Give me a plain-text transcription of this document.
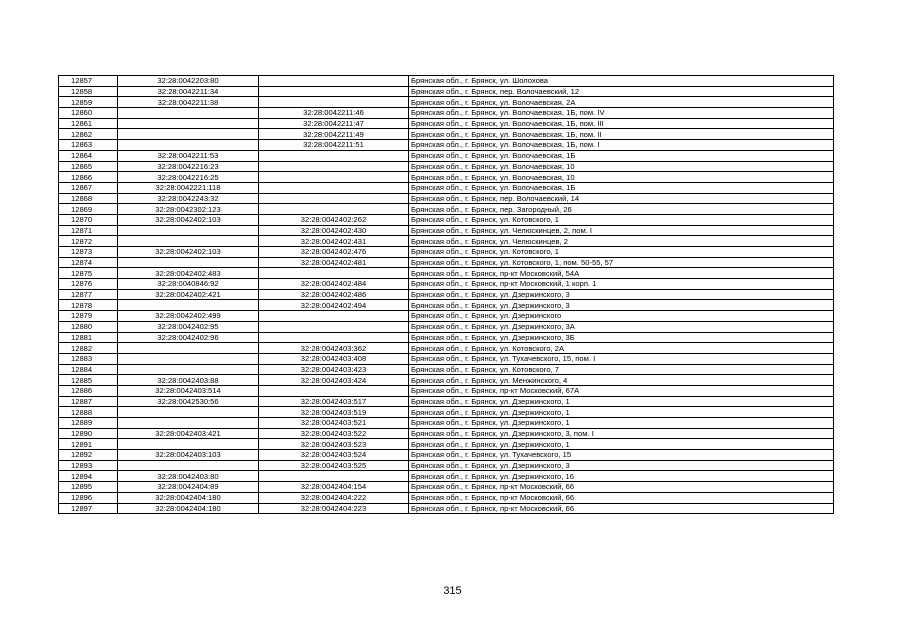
12857	32:28:0042203:80		Брянская обл., г. Брянск, ул. Шолохова
12858	32:28:0042211:34		Брянская обл., г. Брянск, пер. Волочаевский, 12
12859	32:28:0042211:38		Брянская обл., г. Брянск, ул. Волочаевская, 2А
12860		32:28:0042211:46	Брянская обл., г. Брянск, ул. Волочаевская, 1Б, пом. IV
12861		32:28:0042211:47	Брянская обл., г. Брянск, ул. Волочаевская, 1Б, пом. III
12862		32:28:0042211:49	Брянская обл., г. Брянск, ул. Волочаевская, 1Б, пом. II
12863		32:28:0042211:51	Брянская обл., г. Брянск, ул. Волочаевская, 1Б, пом. I
12864	32:28:0042211:53		Брянская обл., г. Брянск, ул. Волочаевская, 1Б
12865	32:28:0042216:23		Брянская обл., г. Брянск, ул. Волочаевская, 10
12866	32:28:0042216:25		Брянская обл., г. Брянск, ул. Волочаевская, 10
12867	32:28:0042221:118		Брянская обл., г. Брянск, ул. Волочаевская, 1Б
12868	32:28:0042243:32		Брянская обл., г. Брянск, пер. Волочаевский, 14
12869	32:28:0042302:123		Брянская обл., г. Брянск, пер. Загородный, 26
12870	32:28:0042402:103	32:28:0042402:262	Брянская обл., г. Брянск, ул. Котовского, 1
12871		32:28:0042402:430	Брянская обл., г. Брянск, ул. Челюскинцев, 2, пом. I
12872		32:28:0042402:431	Брянская обл., г. Брянск, ул. Челюскинцев, 2
12873	32:28:0042402:103	32:28:0042402:476	Брянская обл., г. Брянск, ул. Котовского, 1
12874		32:28:0042402:481	Брянская обл., г. Брянск, ул. Котовского, 1, пом. 50-55, 57
12875	32:28:0042402:483		Брянская обл., г. Брянск, пр-кт Московский, 54А
12876	32:28:0040846:92	32:28:0042402:484	Брянская обл., г. Брянск, пр-кт Московский, 1 корп. 1
12877	32:28:0042402:421	32:28:0042402:486	Брянская обл., г. Брянск, ул. Дзержинского, 3
12878		32:28:0042402:494	Брянская обл., г. Брянск, ул. Дзержинского, 3
12879	32:28:0042402:499		Брянская обл., г. Брянск, ул. Дзержинского
12880	32:28:0042402:95		Брянская обл., г. Брянск, ул. Дзержинского, 3А
12881	32:28:0042402:96		Брянская обл., г. Брянск, ул. Дзержинского, 3Б
12882		32:28:0042403:362	Брянская обл., г. Брянск, ул. Котовского, 2А
12883		32:28:0042403:408	Брянская обл., г. Брянск, ул. Тухачевского, 15, пом. I
12884		32:28:0042403:423	Брянская обл., г. Брянск, ул. Котовского, 7
12885	32:28:0042403:88	32:28:0042403:424	Брянская обл., г. Брянск, ул. Менжинского, 4
12886	32:28:0042403:514		Брянская обл., г. Брянск, пр-кт Московский, 67А
12887	32:28:0042530:56	32:28:0042403:517	Брянская обл., г. Брянск, ул. Дзержинского, 1
12888		32:28:0042403:519	Брянская обл., г. Брянск, ул. Дзержинского, 1
12889		32:28:0042403:521	Брянская обл., г. Брянск, ул. Дзержинского, 1
12890	32:28:0042403:421	32:28:0042403:522	Брянская обл., г. Брянск, ул. Дзержинского, 3, пом. I
12891		32:28:0042403:523	Брянская обл., г. Брянск, ул. Дзержинского, 1
12892	32:28:0042403:103	32:28:0042403:524	Брянская обл., г. Брянск, ул. Тухачевского, 15
12893		32:28:0042403:525	Брянская обл., г. Брянск, ул. Дзержинского, 3
12894	32:28:0042403:80		Брянская обл., г. Брянск, ул. Дзержинского, 16
12895	32:28:0042404:89	32:28:0042404:154	Брянская обл., г. Брянск, пр-кт Московский, 66
12896	32:28:0042404:180	32:28:0042404:222	Брянская обл., г. Брянск, пр-кт Московский, 66
12897	32:28:0042404:180	32:28:0042404:223	Брянская обл., г. Брянск, пр-кт Московский, 66
315
